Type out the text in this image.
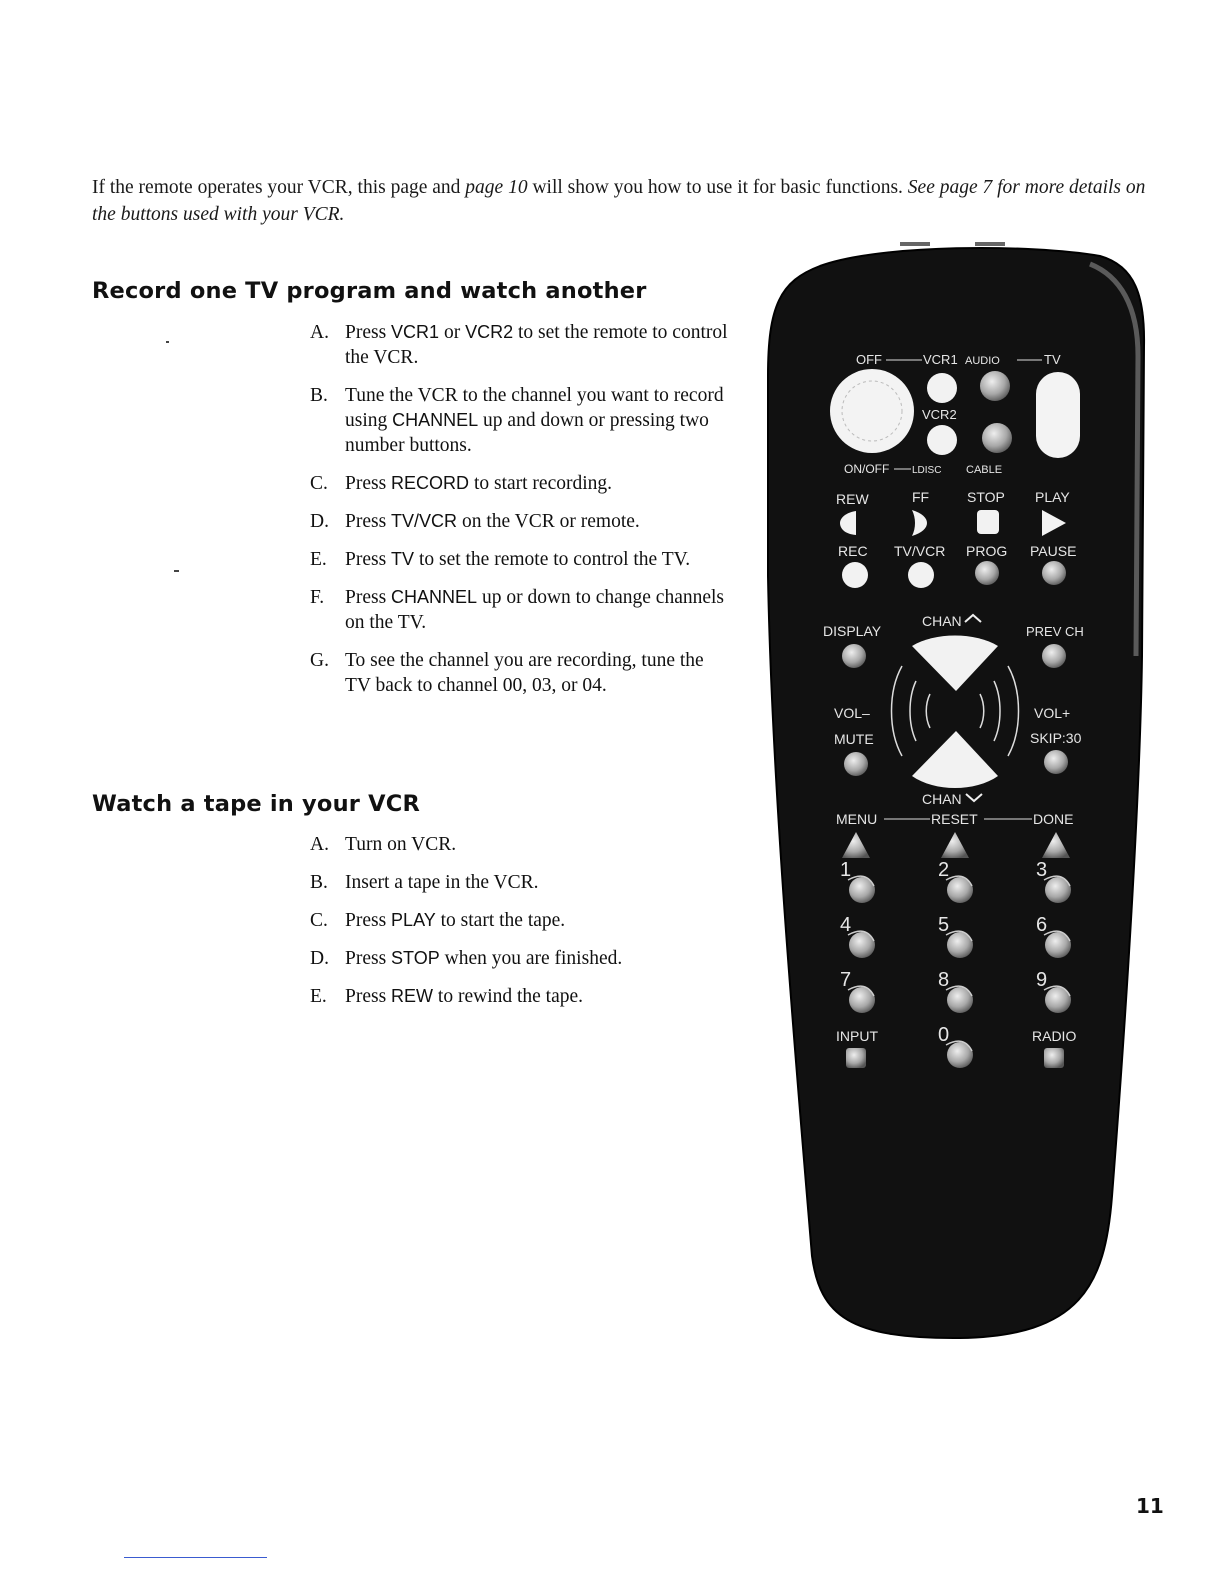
If the remote operates your VCR, this page and page 10 will show you how to use it for basic functions. See page 7 for more details on the buttons used with your VCR.

Record one TV program and watch another
A. Press VCR1 or VCR2 to set the remote to control the VCR.
B. Tune the VCR to the channel you want to record using CHANNEL up and down or pressing two number buttons.
C. Press RECORD to start recording.
D. Press TV/VCR on the VCR or remote.
E. Press TV to set the remote to control the TV.
F. Press CHANNEL up or down to change channels on the TV.
G. To see the channel you are recording, tune the TV back to channel 00, 03, or 04.
Watch a tape in your VCR
A. Turn on VCR.
B. Insert a tape in the VCR.
C. Press PLAY to start the tape.
D. Press STOP when you are finished.
E. Press REW to rewind the tape.
OFF	VCR1 AUDIO	TV
VCR2
ON/OFF LDISC CABLE
REW	FF	STOP PLAY
REC TV/VCR PROG PAUSE
DISPLAY
CHAN
PREV CH
VOL–
MUTE
VOL+
SKIP:30
CHAN
MENU	RESET	DONE
1	2	3
4	5	6
7	8	9
0
INPUT	RADIO
11
